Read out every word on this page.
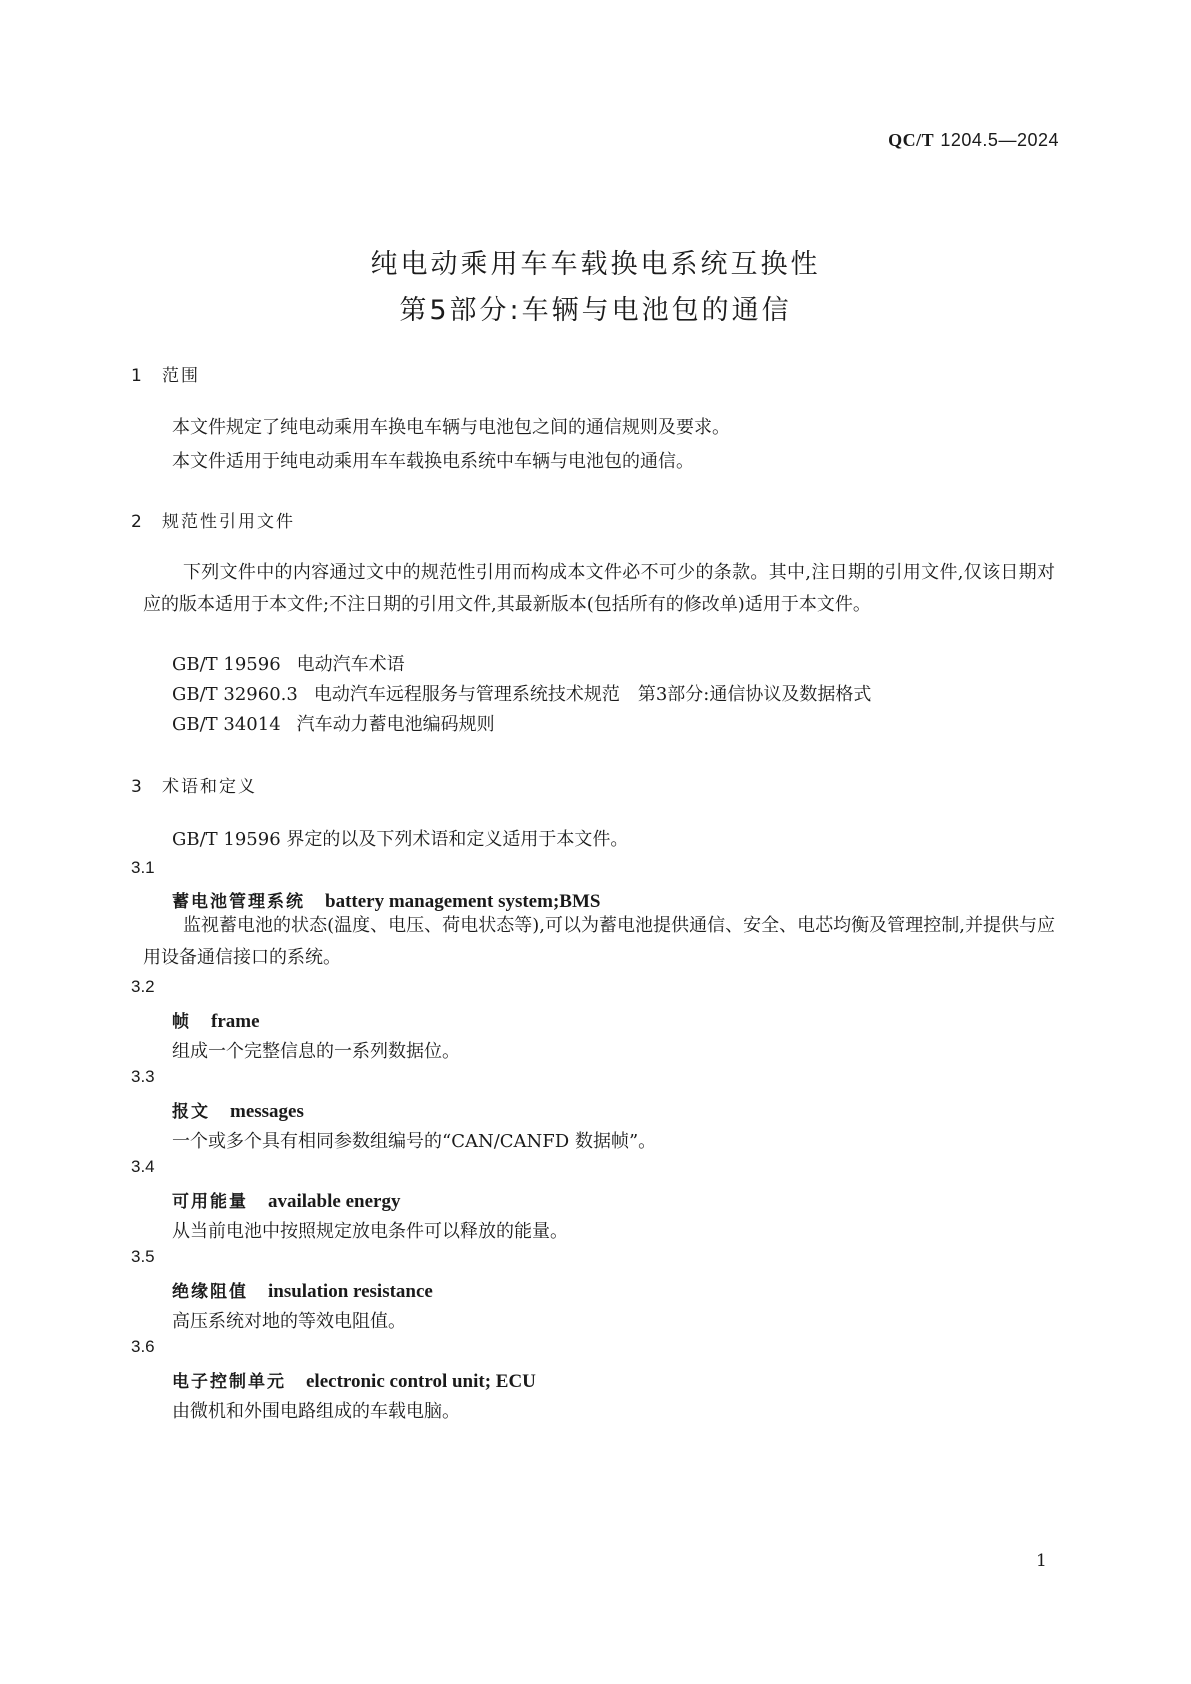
QC/T 1204.5—2024
纯电动乘用车车载换电系统互换性
第5部分:车辆与电池包的通信
1 范围
本文件规定了纯电动乘用车换电车辆与电池包之间的通信规则及要求。
本文件适用于纯电动乘用车车载换电系统中车辆与电池包的通信。
2 规范性引用文件
下列文件中的内容通过文中的规范性引用而构成本文件必不可少的条款。其中,注日期的引用文件,仅该日期对应的版本适用于本文件;不注日期的引用文件,其最新版本(包括所有的修改单)适用于本文件。
GB/T 19596 电动汽车术语
GB/T 32960.3 电动汽车远程服务与管理系统技术规范　第3部分:通信协议及数据格式
GB/T 34014 汽车动力蓄电池编码规则
3 术语和定义
GB/T 19596 界定的以及下列术语和定义适用于本文件。
3.1
蓄电池管理系统 battery management system;BMS
监视蓄电池的状态(温度、电压、荷电状态等),可以为蓄电池提供通信、安全、电芯均衡及管理控制,并提供与应用设备通信接口的系统。
3.2
帧 frame
组成一个完整信息的一系列数据位。
3.3
报文 messages
一个或多个具有相同参数组编号的“CAN/CANFD 数据帧”。
3.4
可用能量 available energy
从当前电池中按照规定放电条件可以释放的能量。
3.5
绝缘阻值 insulation resistance
高压系统对地的等效电阻值。
3.6
电子控制单元 electronic control unit; ECU
由微机和外围电路组成的车载电脑。
1
